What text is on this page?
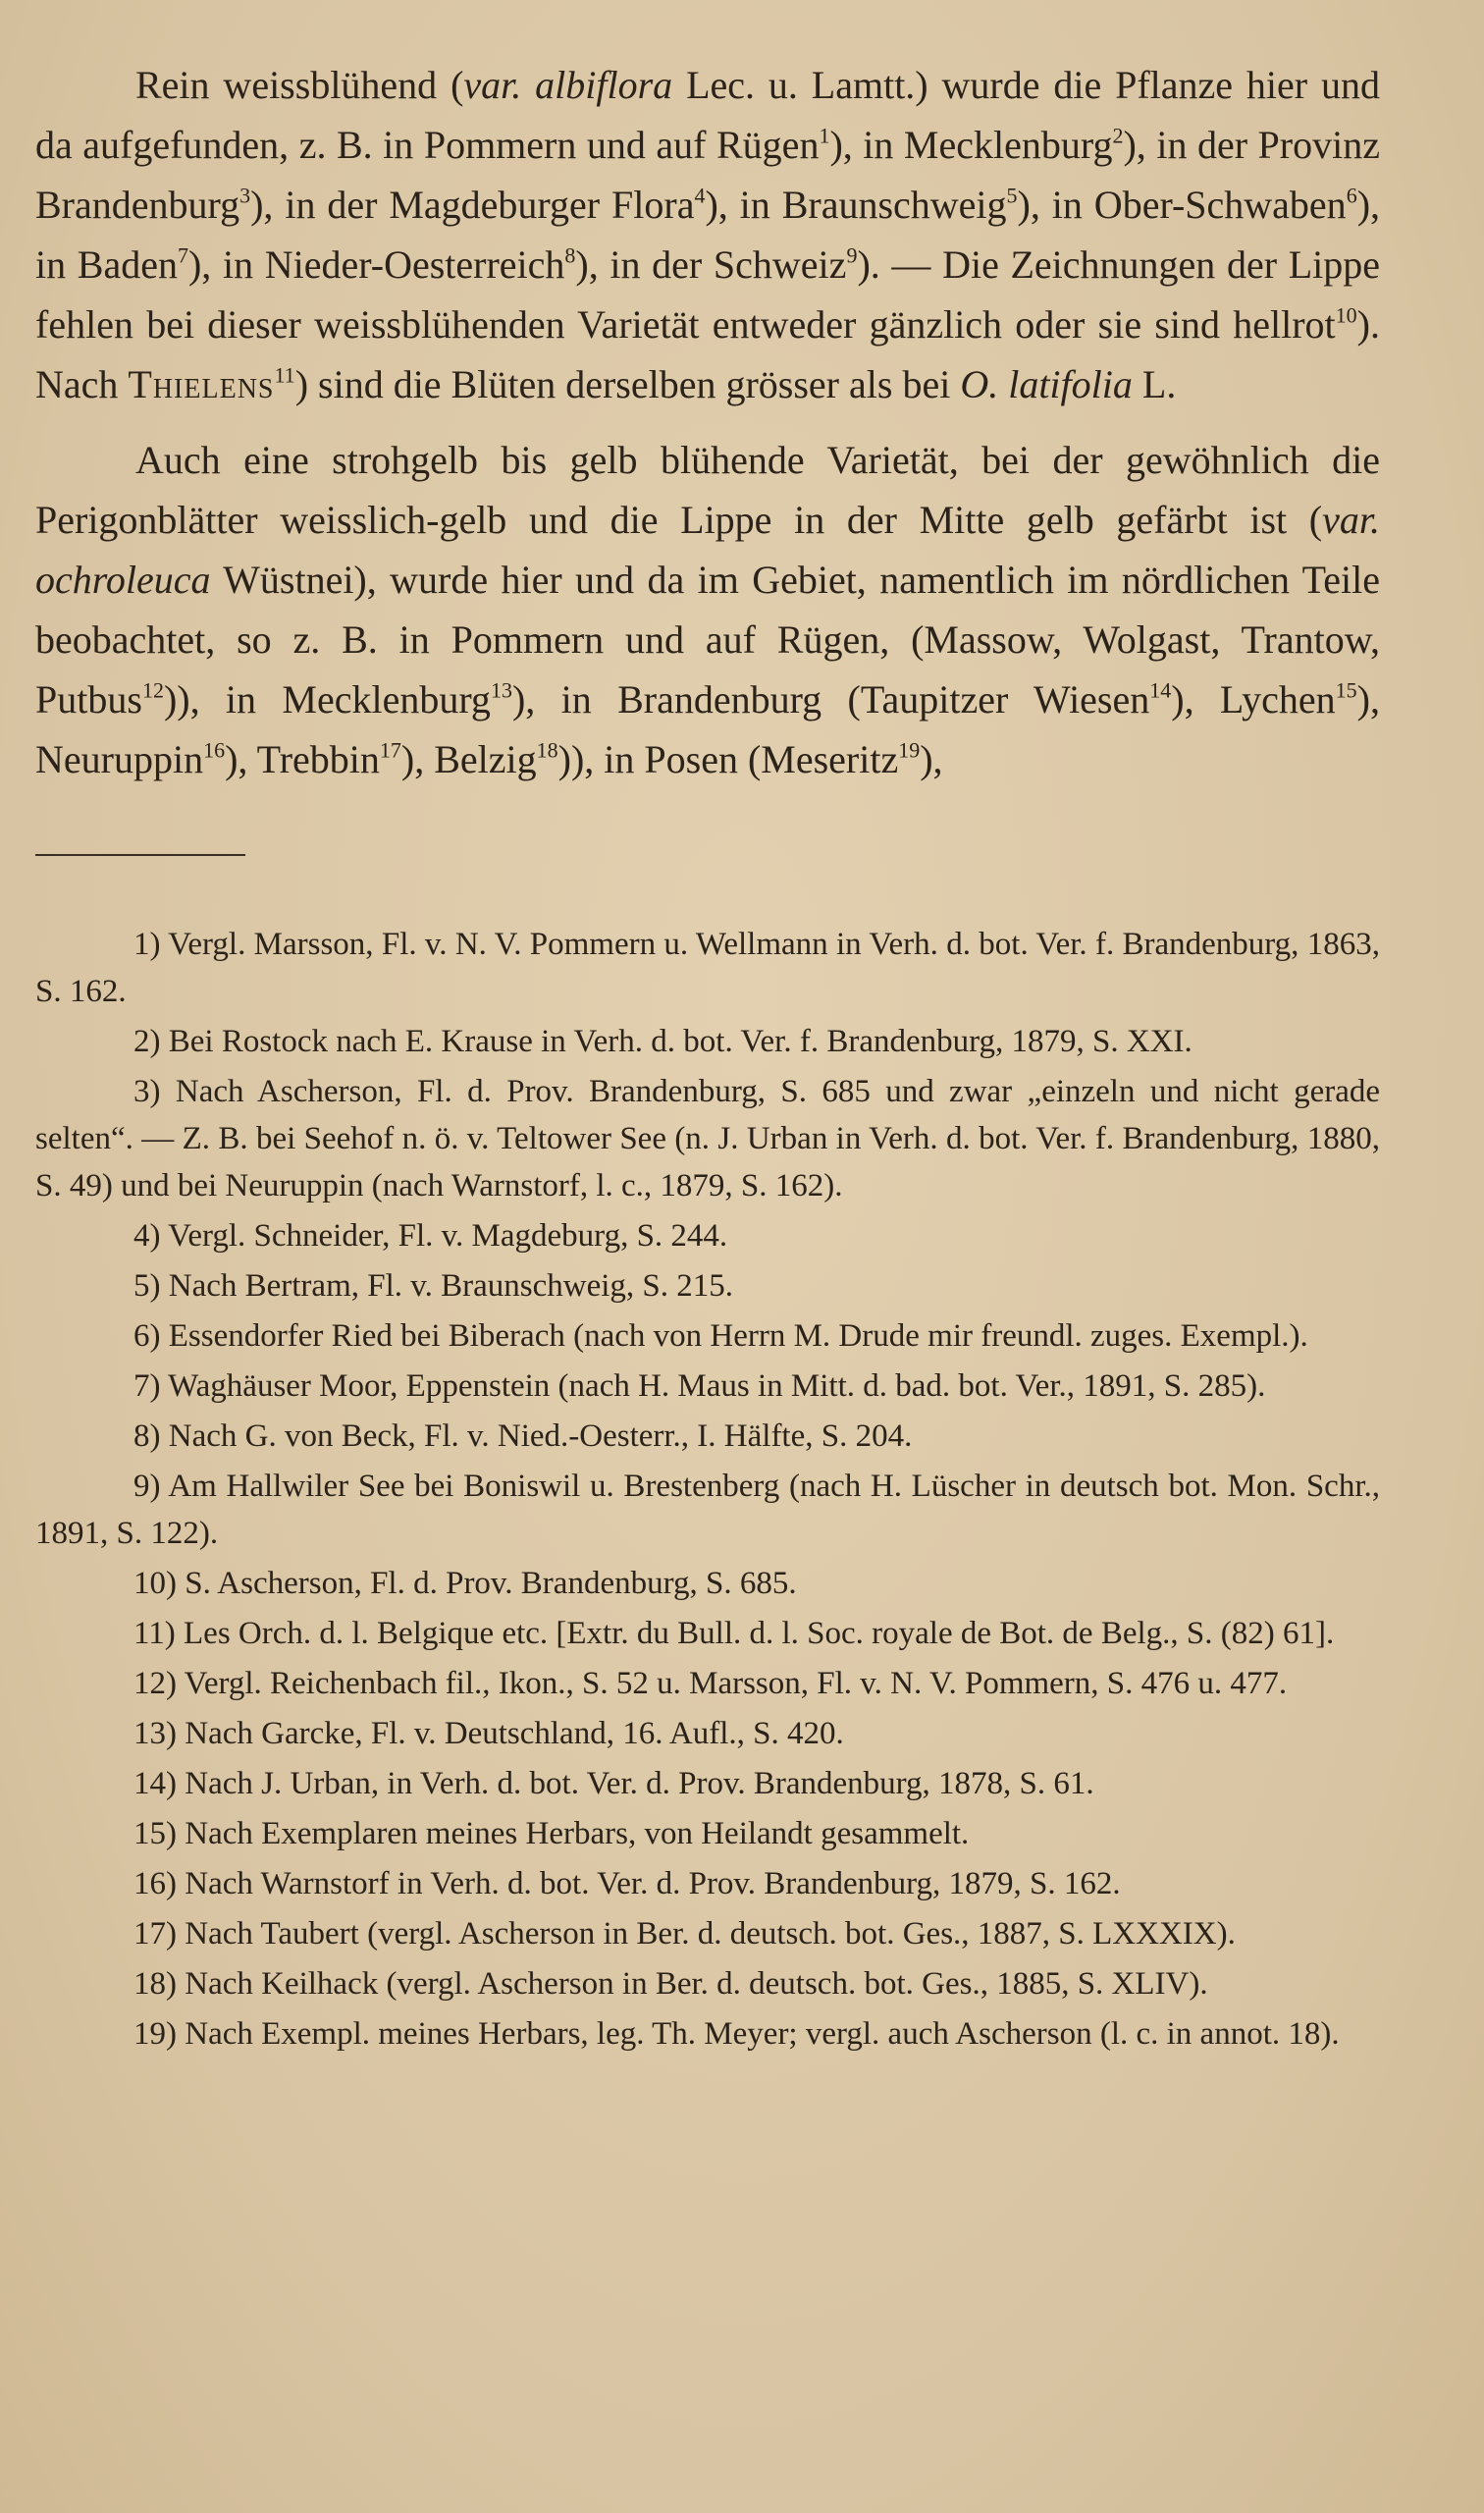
Rein weissblühend (var. albiflora Lec. u. Lamtt.) wurde die Pflanze hier und da aufgefunden, z. B. in Pommern und auf Rügen$^1$), in Mecklenburg$^2$), in der Provinz Brandenburg$^3$), in der Magdeburger Flora$^4$), in Braunschweig$^5$), in Ober-Schwaben$^6$), in Baden$^7$), in Nieder-Oesterreich$^8$), in der Schweiz$^9$). — Die Zeichnungen der Lippe fehlen bei dieser weissblühenden Varietät entweder gänzlich oder sie sind hellrot$^{10}$). Nach Thielens$^{11}$) sind die Blüten derselben grösser als bei O. latifolia L.

Auch eine strohgelb bis gelb blühende Varietät, bei der gewöhnlich die Perigonblätter weisslich-gelb und die Lippe in der Mitte gelb gefärbt ist (var. ochroleuca Wüstnei), wurde hier und da im Gebiet, namentlich im nördlichen Teile beobachtet, so z. B. in Pommern und auf Rügen, (Massow, Wolgast, Trantow, Putbus$^{12}$)), in Mecklenburg$^{13}$), in Brandenburg (Taupitzer Wiesen$^{14}$), Lychen$^{15}$), Neuruppin$^{16}$), Trebbin$^{17}$), Belzig$^{18}$)), in Posen (Meseritz$^{19}$),

1) Vergl. Marsson, Fl. v. N. V. Pommern u. Wellmann in Verh. d. bot. Ver. f. Brandenburg, 1863, S. 162.

2) Bei Rostock nach E. Krause in Verh. d. bot. Ver. f. Brandenburg, 1879, S. XXI.

3) Nach Ascherson, Fl. d. Prov. Brandenburg, S. 685 und zwar „einzeln und nicht gerade selten“. — Z. B. bei Seehof n. ö. v. Teltower See (n. J. Urban in Verh. d. bot. Ver. f. Brandenburg, 1880, S. 49) und bei Neuruppin (nach Warnstorf, l. c., 1879, S. 162).

4) Vergl. Schneider, Fl. v. Magdeburg, S. 244.

5) Nach Bertram, Fl. v. Braunschweig, S. 215.

6) Essendorfer Ried bei Biberach (nach von Herrn M. Drude mir freundl. zuges. Exempl.).

7) Waghäuser Moor, Eppenstein (nach H. Maus in Mitt. d. bad. bot. Ver., 1891, S. 285).

8) Nach G. von Beck, Fl. v. Nied.-Oesterr., I. Hälfte, S. 204.

9) Am Hallwiler See bei Boniswil u. Brestenberg (nach H. Lüscher in deutsch bot. Mon. Schr., 1891, S. 122).

10) S. Ascherson, Fl. d. Prov. Brandenburg, S. 685.

11) Les Orch. d. l. Belgique etc. [Extr. du Bull. d. l. Soc. royale de Bot. de Belg., S. (82) 61].

12) Vergl. Reichenbach fil., Ikon., S. 52 u. Marsson, Fl. v. N. V. Pommern, S. 476 u. 477.

13) Nach Garcke, Fl. v. Deutschland, 16. Aufl., S. 420.

14) Nach J. Urban, in Verh. d. bot. Ver. d. Prov. Brandenburg, 1878, S. 61.

15) Nach Exemplaren meines Herbars, von Heilandt gesammelt.

16) Nach Warnstorf in Verh. d. bot. Ver. d. Prov. Brandenburg, 1879, S. 162.

17) Nach Taubert (vergl. Ascherson in Ber. d. deutsch. bot. Ges., 1887, S. LXXXIX).

18) Nach Keilhack (vergl. Ascherson in Ber. d. deutsch. bot. Ges., 1885, S. XLIV).

19) Nach Exempl. meines Herbars, leg. Th. Meyer; vergl. auch Ascherson (l. c. in annot. 18).
